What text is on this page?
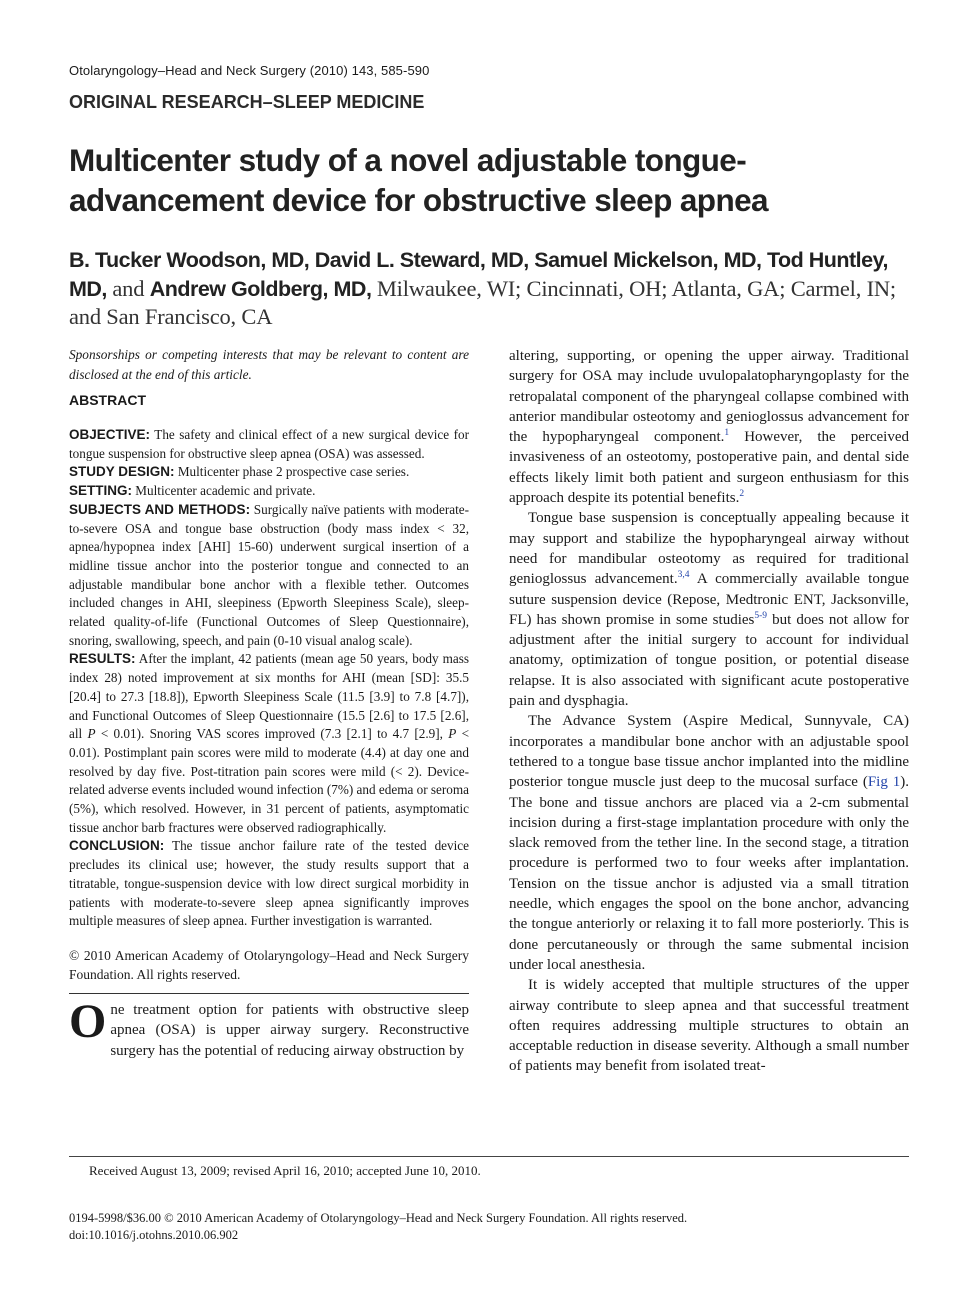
Otolaryngology–Head and Neck Surgery (2010) 143, 585-590
ORIGINAL RESEARCH–SLEEP MEDICINE
Multicenter study of a novel adjustable tongue-advancement device for obstructive sleep apnea
B. Tucker Woodson, MD, David L. Steward, MD, Samuel Mickelson, MD, Tod Huntley, MD, and Andrew Goldberg, MD, Milwaukee, WI; Cincinnati, OH; Atlanta, GA; Carmel, IN; and San Francisco, CA

Sponsorships or competing interests that may be relevant to content are disclosed at the end of this article.

ABSTRACT

OBJECTIVE: The safety and clinical effect of a new surgical device for tongue suspension for obstructive sleep apnea (OSA) was assessed.

STUDY DESIGN: Multicenter phase 2 prospective case series.

SETTING: Multicenter academic and private.

SUBJECTS AND METHODS: Surgically naïve patients with moderate-to-severe OSA and tongue base obstruction (body mass index < 32, apnea/hypopnea index [AHI] 15-60) underwent surgical insertion of a midline tissue anchor into the posterior tongue and connected to an adjustable mandibular bone anchor with a flexible tether. Outcomes included changes in AHI, sleepiness (Epworth Sleepiness Scale), sleep-related quality-of-life (Functional Outcomes of Sleep Questionnaire), snoring, swallowing, speech, and pain (0-10 visual analog scale).

RESULTS: After the implant, 42 patients (mean age 50 years, body mass index 28) noted improvement at six months for AHI (mean [SD]: 35.5 [20.4] to 27.3 [18.8]), Epworth Sleepiness Scale (11.5 [3.9] to 7.8 [4.7]), and Functional Outcomes of Sleep Questionnaire (15.5 [2.6] to 17.5 [2.6], all P < 0.01). Snoring VAS scores improved (7.3 [2.1] to 4.7 [2.9], P < 0.01). Postimplant pain scores were mild to moderate (4.4) at day one and resolved by day five. Post-titration pain scores were mild (< 2). Device-related adverse events included wound infection (7%) and edema or seroma (5%), which resolved. However, in 31 percent of patients, asymptomatic tissue anchor barb fractures were observed radiographically.

CONCLUSION: The tissue anchor failure rate of the tested device precludes its clinical use; however, the study results support that a titratable, tongue-suspension device with low direct surgical morbidity in patients with moderate-to-severe sleep apnea significantly improves multiple measures of sleep apnea. Further investigation is warranted.

© 2010 American Academy of Otolaryngology–Head and Neck Surgery Foundation. All rights reserved.

One treatment option for patients with obstructive sleep apnea (OSA) is upper airway surgery. Reconstructive surgery has the potential of reducing airway obstruction by

altering, supporting, or opening the upper airway. Traditional surgery for OSA may include uvulopalatopharyngoplasty for the retropalatal component of the pharyngeal collapse combined with anterior mandibular osteotomy and genioglossus advancement for the hypopharyngeal component.$^1$ However, the perceived invasiveness of an osteotomy, postoperative pain, and dental side effects likely limit both patient and surgeon enthusiasm for this approach despite its potential benefits.$^2$

Tongue base suspension is conceptually appealing because it may support and stabilize the hypopharyngeal airway without need for mandibular osteotomy as required for traditional genioglossus advancement.$^{3,4}$ A commercially available tongue suture suspension device (Repose, Medtronic ENT, Jacksonville, FL) has shown promise in some studies$^{5-9}$ but does not allow for adjustment after the initial surgery to account for individual anatomy, optimization of tongue position, or potential disease relapse. It is also associated with significant acute postoperative pain and dysphagia.

The Advance System (Aspire Medical, Sunnyvale, CA) incorporates a mandibular bone anchor with an adjustable spool tethered to a tongue base tissue anchor implanted into the midline posterior tongue muscle just deep to the mucosal surface (Fig 1). The bone and tissue anchors are placed via a 2-cm submental incision during a first-stage implantation procedure with only the slack removed from the tether line. In the second stage, a titration procedure is performed two to four weeks after implantation. Tension on the tissue anchor is adjusted via a small titration needle, which engages the spool on the bone anchor, advancing the tongue anteriorly or relaxing it to fall more posteriorly. This is done percutaneously or through the same submental incision under local anesthesia.

It is widely accepted that multiple structures of the upper airway contribute to sleep apnea and that successful treatment often requires addressing multiple structures to obtain an acceptable reduction in disease severity. Although a small number of patients may benefit from isolated treat-

Received August 13, 2009; revised April 16, 2010; accepted June 10, 2010.
0194-5998/$36.00 © 2010 American Academy of Otolaryngology–Head and Neck Surgery Foundation. All rights reserved.
doi:10.1016/j.otohns.2010.06.902
